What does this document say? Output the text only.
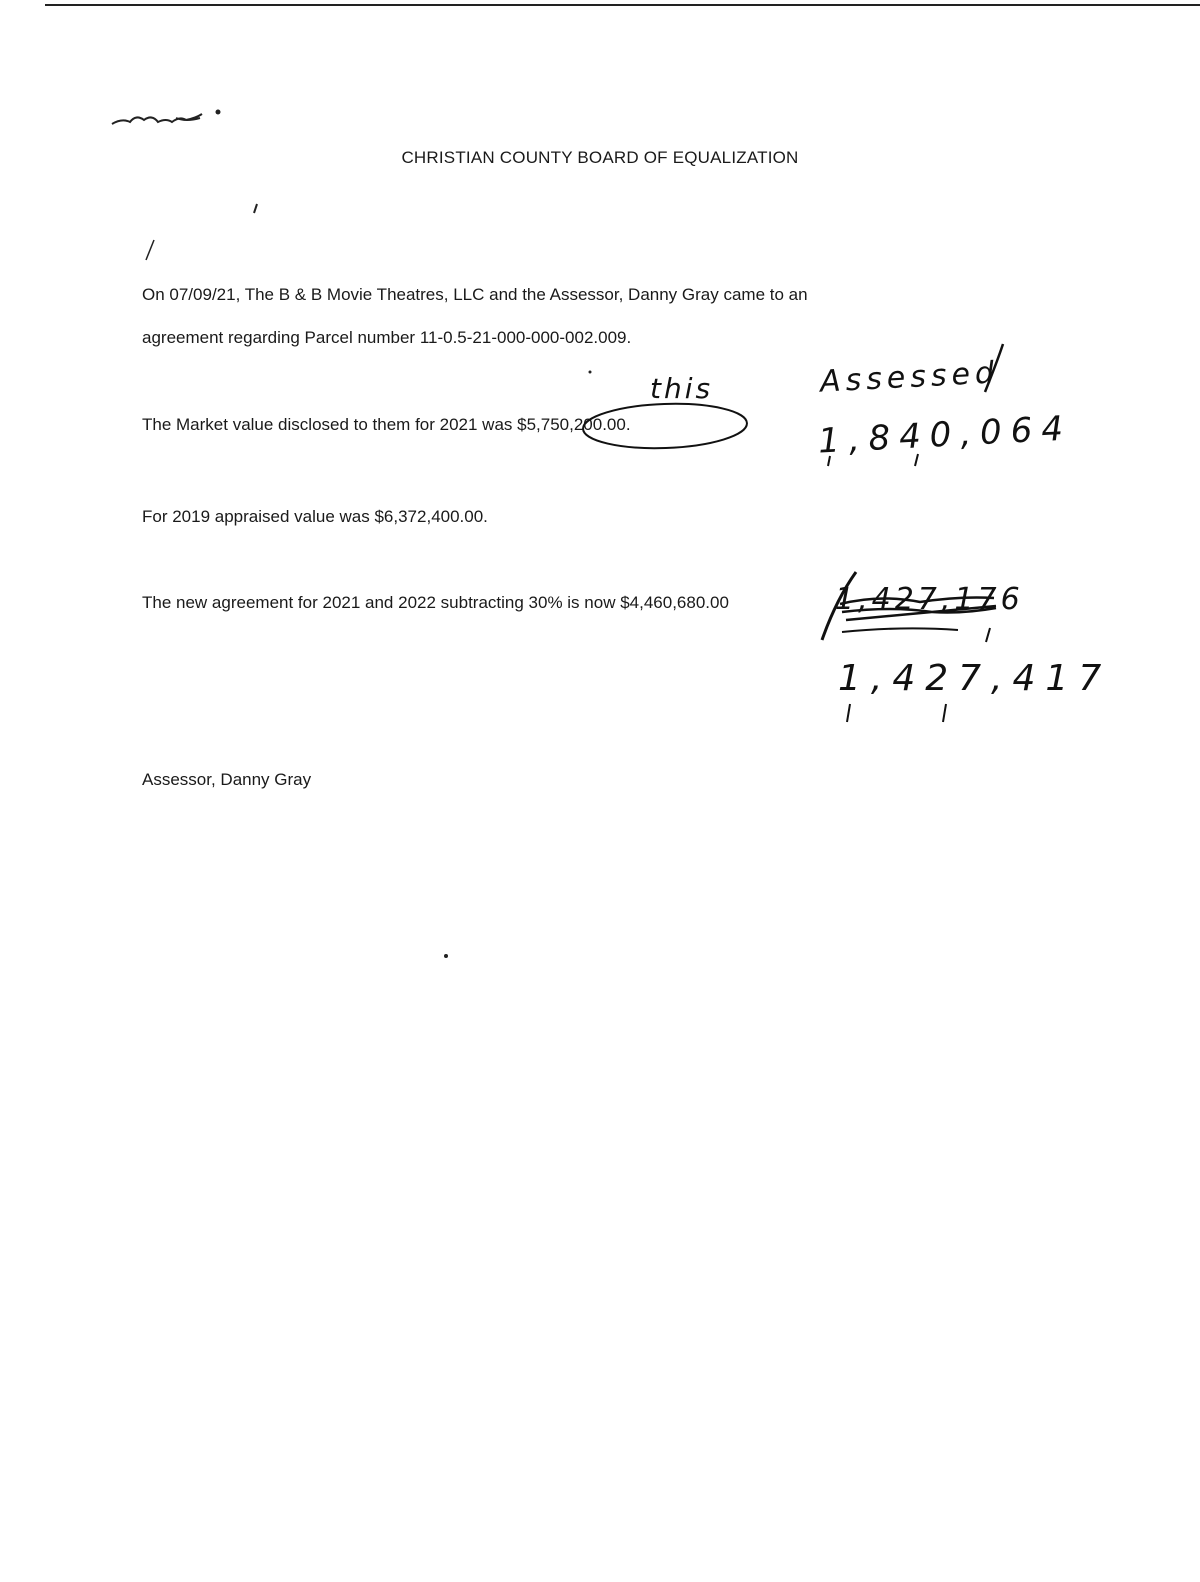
CHRISTIAN COUNTY BOARD OF EQUALIZATION
On 07/09/21, The B & B Movie Theatres, LLC and the Assessor, Danny Gray came to an
agreement regarding Parcel number 11-0.5-21-000-000-002.009.
The Market value disclosed to them for 2021 was $5,750,200.00.
For 2019 appraised value was $6,372,400.00.
The new agreement for 2021 and 2022 subtracting 30% is now $4,460,680.00
Assessor, Danny Gray
this	Assessed
1,840,064
1,427,176
1,427,417
